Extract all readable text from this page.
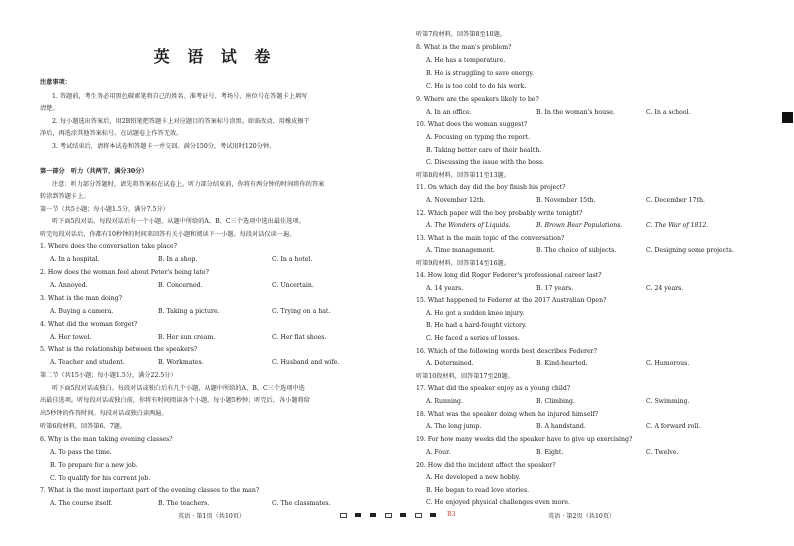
英 语 试 卷
注意事项：
1. 答题前，考生务必用黑色碳素笔将自己的姓名、准考证号、考场号、座位号在答题卡上填写
清楚。
2. 每小题选出答案后，用2B铅笔把答题卡上对应题目的答案标号涂黑。如需改动，用橡皮擦干
净后，再选涂其他答案标号。在试题卷上作答无效。
3. 考试结束后，请将本试卷和答题卡一并交回。满分150分，考试用时120分钟。
第一部分　听力（共两节，满分30分）
注意：听力部分答题时，请先将答案标在试卷上。听力部分结束前，你将有两分钟的时间将你的答案
转涂到答题卡上。
第一节（共5小题；每小题1.5分，满分7.5分）
听下面5段对话。每段对话后有一个小题，从题中所给的A、B、C三个选项中选出最佳选项。
听完每段对话后，你都有10秒钟的时间来回答有关小题和阅读下一小题。每段对话仅读一遍。
1. Where does the conversation take place?
A. In a hospital.	B. In a shop.	C. In a hotel.
2. How does the woman feel about Peter's being late?
A. Annoyed.	B. Concerned.	C. Uncertain.
3. What is the man doing?
A. Buying a camera.	B. Taking a picture.	C. Trying on a hat.
4. What did the woman forget?
A. Her towel.	B. Her sun cream.	C. Her flat shoes.
5. What is the relationship between the speakers?
A. Teacher and student.	B. Workmates.	C. Husband and wife.
第二节（共15小题；每小题1.5分，满分22.5分）
听下面5段对话或独白。每段对话或独白后有几个小题，从题中所给的A、B、C三个选项中选
出最佳选项。听每段对话或独白前，你将有时间阅读各个小题，每小题5秒钟；听完后，各小题将给
出5秒钟的作答时间。每段对话或独白读两遍。
听第6段材料，回答第6、7题。
6. Why is the man taking evening classes?
A. To pass the time.
B. To prepare for a new job.
C. To qualify for his current job.
7. What is the most important part of the evening classes to the man?
A. The course itself.	B. The teachers.	C. The classmates.
听第7段材料，回答第8至10题。
8. What is the man's problem?
A. He has a temperature.
B. He is struggling to save energy.
C. He is too cold to do his work.
9. Where are the speakers likely to be?
A. In an office.	B. In the woman's house.	C. In a school.
10. What does the woman suggest?
A. Focusing on typing the report.
B. Taking better care of their health.
C. Discussing the issue with the boss.
听第8段材料，回答第11至13题。
11. On which day did the boy finish his project?
A. November 12th.	B. November 15th.	C. December 17th.
12. Which paper will the boy probably write tonight?
A. The Wonders of Liquids.	B. Brown Bear Populations.	C. The War of 1812.
13. What is the main topic of the conversation?
A. Time management.	B. The choice of subjects.	C. Designing some projects.
听第9段材料，回答第14至16题。
14. How long did Roger Federer's professional career last?
A. 14 years.	B. 17 years.	C. 24 years.
15. What happened to Federer at the 2017 Australian Open?
A. He got a sudden knee injury.
B. He had a hard-fought victory.
C. He faced a series of losses.
16. Which of the following words best describes Federer?
A. Determined.	B. Kind-hearted.	C. Humorous.
听第10段材料，回答第17至20题。
17. What did the speaker enjoy as a young child?
A. Running.	B. Climbing.	C. Swimming.
18. What was the speaker doing when he injured himself?
A. The long jump.	B. A handstand.	C. A forward roll.
19. For how many weeks did the speaker have to give up exercising?
A. Four.	B. Eight.	C. Twelve.
20. How did the incident affect the speaker?
A. He developed a new hobby.
B. He began to read love stories.
C. He enjoyed physical challenges even more.
英语 · 第1页（共10页）	B3	英语 · 第2页（共10页）
